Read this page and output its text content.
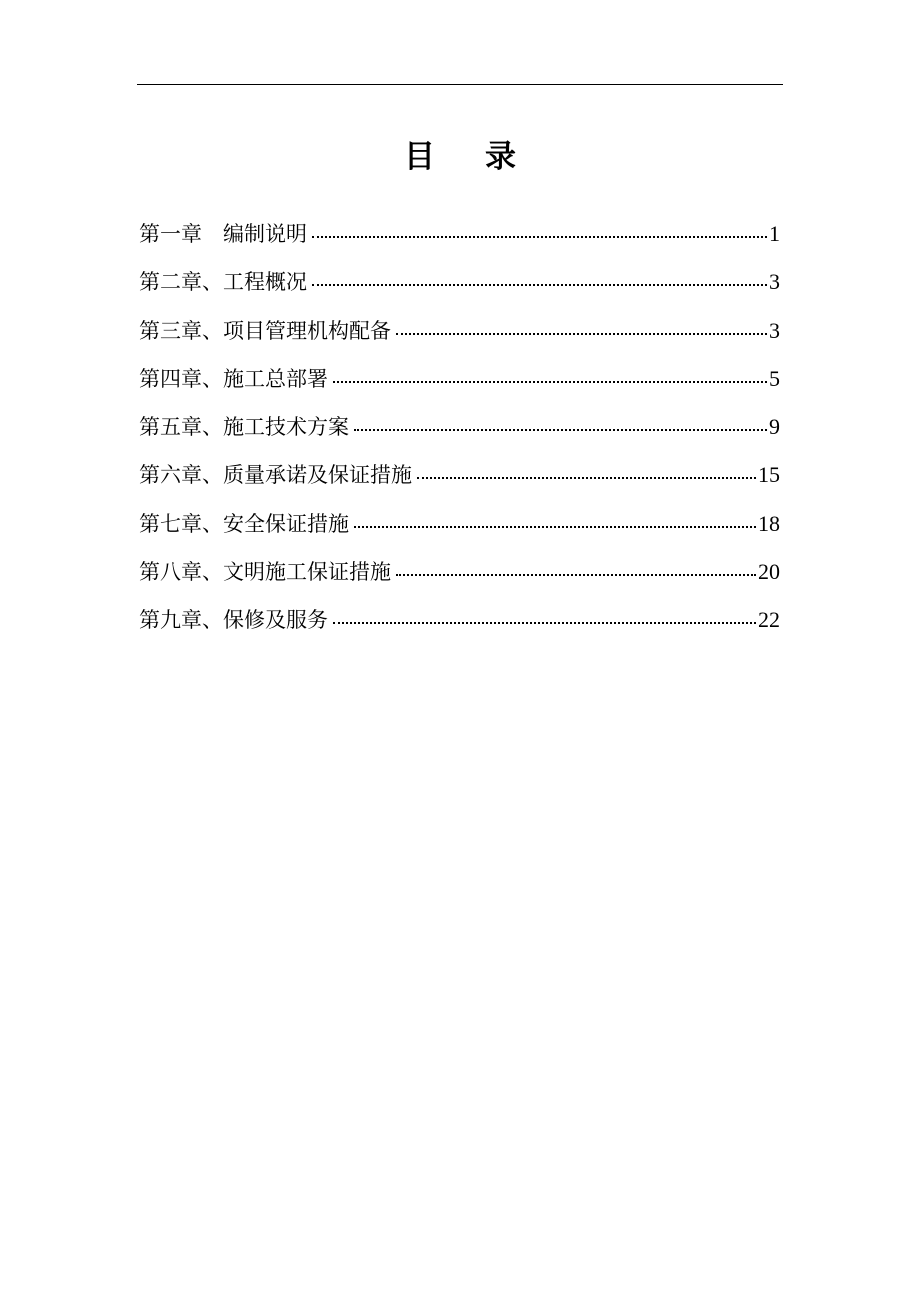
目录
第一章　编制说明	1
第二章、工程概况	3
第三章、项目管理机构配备	3
第四章、施工总部署	5
第五章、施工技术方案	9
第六章、质量承诺及保证措施	15
第七章、安全保证措施	18
第八章、文明施工保证措施	20
第九章、保修及服务	22
